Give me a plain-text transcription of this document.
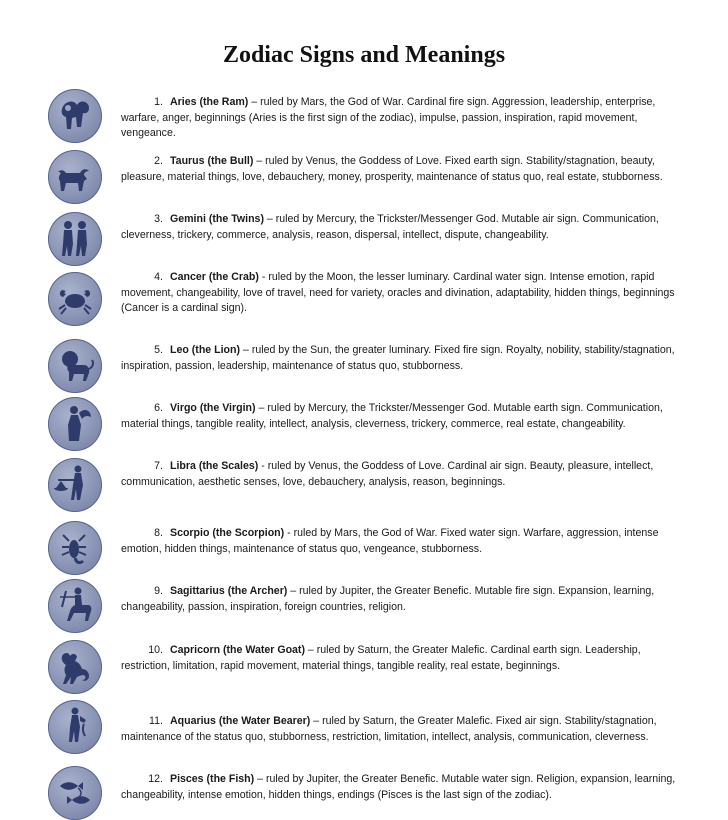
Zodiac Signs and Meanings
1. Aries (the Ram) – ruled by Mars, the God of War. Cardinal fire sign. Aggression, leadership, enterprise, warfare, anger, beginnings (Aries is the first sign of the zodiac), impulse, passion, inspiration, rapid movement, vengeance.
2. Taurus (the Bull) – ruled by Venus, the Goddess of Love. Fixed earth sign. Stability/stagnation, beauty, pleasure, material things, love, debauchery, money, prosperity, maintenance of status quo, real estate, stubborness.
3. Gemini (the Twins) – ruled by Mercury, the Trickster/Messenger God. Mutable air sign. Communication, cleverness, trickery, commerce, analysis, reason, dispersal, intellect, dispute, changeability.
4. Cancer (the Crab) - ruled by the Moon, the lesser luminary. Cardinal water sign. Intense emotion, rapid movement, changeability, love of travel, need for variety, oracles and divination, adaptability, hidden things, beginnings (Cancer is a cardinal sign).
5. Leo (the Lion) – ruled by the Sun, the greater luminary. Fixed fire sign. Royalty, nobility, stability/stagnation, inspiration, passion, leadership, maintenance of status quo, stubborness.
6. Virgo (the Virgin) – ruled by Mercury, the Trickster/Messenger God. Mutable earth sign. Communication, material things, tangible reality, intellect, analysis, cleverness, trickery, commerce, real estate, changeability.
7. Libra (the Scales) - ruled by Venus, the Goddess of Love. Cardinal air sign. Beauty, pleasure, intellect, communication, aesthetic senses, love, debauchery, analysis, reason, beginnings.
8. Scorpio (the Scorpion) - ruled by Mars, the God of War. Fixed water sign. Warfare, aggression, intense emotion, hidden things, maintenance of status quo, vengeance, stubborness.
9. Sagittarius (the Archer) – ruled by Jupiter, the Greater Benefic. Mutable fire sign. Expansion, learning, changeability, passion, inspiration, foreign countries, religion.
10. Capricorn (the Water Goat) – ruled by Saturn, the Greater Malefic. Cardinal earth sign. Leadership, restriction, limitation, rapid movement, material things, tangible reality, real estate, beginnings.
11. Aquarius (the Water Bearer) – ruled by Saturn, the Greater Malefic. Fixed air sign. Stability/stagnation, maintenance of the status quo, stubborness, restriction, limitation, intellect, analysis, communication, cleverness.
12. Pisces (the Fish) – ruled by Jupiter, the Greater Benefic. Mutable water sign. Religion, expansion, learning, changeability, intense emotion, hidden things, endings (Pisces is the last sign of the zodiac).
